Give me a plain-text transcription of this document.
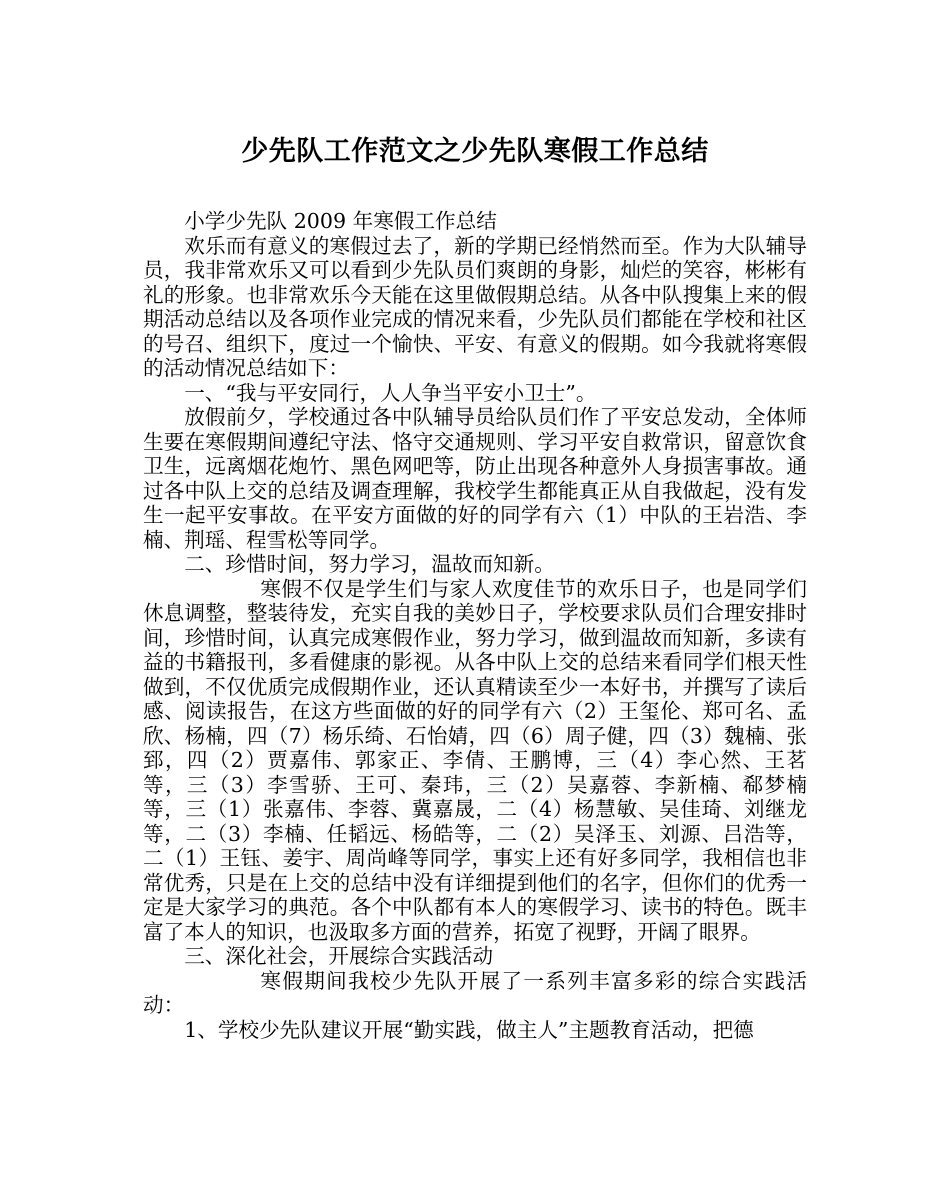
少先队工作范文之少先队寒假工作总结

小学少先队 2009 年寒假工作总结

欢乐而有意义的寒假过去了，新的学期已经悄然而至。作为大队辅导员，我非常欢乐又可以看到少先队员们爽朗的身影，灿烂的笑容，彬彬有礼的形象。也非常欢乐今天能在这里做假期总结。从各中队搜集上来的假期活动总结以及各项作业完成的情况来看，少先队员们都能在学校和社区的号召、组织下，度过一个愉快、平安、有意义的假期。如今我就将寒假的活动情况总结如下：

一、“我与平安同行，人人争当平安小卫士”。

放假前夕，学校通过各中队辅导员给队员们作了平安总发动，全体师生要在寒假期间遵纪守法、恪守交通规则、学习平安自救常识，留意饮食卫生，远离烟花炮竹、黑色网吧等，防止出现各种意外人身损害事故。通过各中队上交的总结及调查理解，我校学生都能真正从自我做起，没有发生一起平安事故。在平安方面做的好的同学有六（1）中队的王岩浩、李楠、荆瑶、程雪松等同学。

二、珍惜时间，努力学习，温故而知新。

寒假不仅是学生们与家人欢度佳节的欢乐日子，也是同学们休息调整，整装待发，充实自我的美妙日子，学校要求队员们合理安排时间，珍惜时间，认真完成寒假作业，努力学习，做到温故而知新，多读有益的书籍报刊，多看健康的影视。从各中队上交的总结来看同学们根天性做到，不仅优质完成假期作业，还认真精读至少一本好书，并撰写了读后感、阅读报告，在这方些面做的好的同学有六（2）王玺伦、郑可名、孟欣、杨楠，四（7）杨乐绮、石怡婧，四（6）周子健，四（3）魏楠、张郅，四（2）贾嘉伟、郭家正、李倩、王鹏博，三（4）李心然、王茗等，三（3）李雪骄、王可、秦玮，三（2）吴嘉蓉、李新楠、郗梦楠等，三（1）张嘉伟、李蓉、冀嘉晟，二（4）杨慧敏、吴佳琦、刘继龙等，二（3）李楠、任韬远、杨皓等，二（2）吴泽玉、刘源、吕浩等，二（1）王钰、姜宇、周尚峰等同学，事实上还有好多同学，我相信也非常优秀，只是在上交的总结中没有详细提到他们的名字，但你们的优秀一定是大家学习的典范。各个中队都有本人的寒假学习、读书的特色。既丰富了本人的知识，也汲取多方面的营养，拓宽了视野，开阔了眼界。

三、深化社会，开展综合实践活动

寒假期间我校少先队开展了一系列丰富多彩的综合实践活动：

1、学校少先队建议开展“勤实践，做主人”主题教育活动，把德
